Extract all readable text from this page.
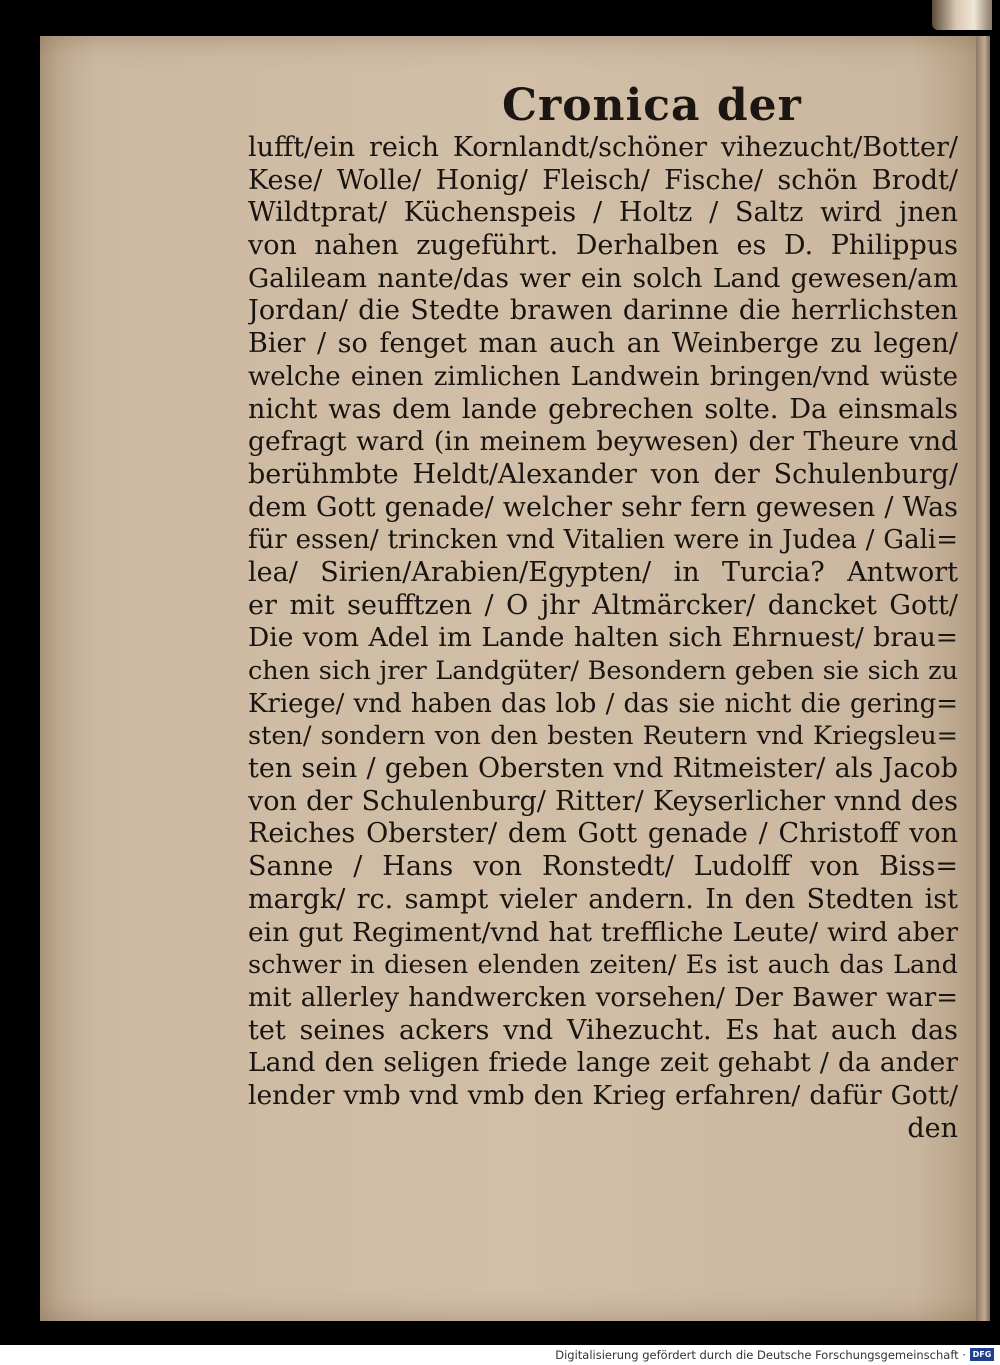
Cronica der
lufft/ein reich Kornlandt/schöner vihezucht/Botter/
Kese/ Wolle/ Honig/ Fleisch/ Fische/ schön Brodt/
Wildtprat/ Küchenspeis / Holtz / Saltz wird jnen
von nahen zugeführt. Derhalben es D. Philippus
Galileam nante/das wer ein solch Land gewesen/am
Jordan/ die Stedte brawen darinne die herrlichsten
Bier / so fenget man auch an Weinberge zu legen/
welche einen zimlichen Landwein bringen/vnd wüste
nicht was dem lande gebrechen solte. Da einsmals
gefragt ward (in meinem beywesen) der Theure vnd
berühmbte Heldt/Alexander von der Schulenburg/
dem Gott genade/ welcher sehr fern gewesen / Was
für essen/ trincken vnd Vitalien were in Judea / Gali=
lea/ Sirien/Arabien/Egypten/ in Turcia? Antwort
er mit seufftzen / O jhr Altmärcker/ dancket Gott/
Die vom Adel im Lande halten sich Ehrnuest/ brau=
chen sich jrer Landgüter/ Besondern geben sie sich zu
Kriege/ vnd haben das lob / das sie nicht die gering=
sten/ sondern von den besten Reutern vnd Kriegsleu=
ten sein / geben Obersten vnd Ritmeister/ als Jacob
von der Schulenburg/ Ritter/ Keyserlicher vnnd des
Reiches Oberster/ dem Gott genade / Christoff von
Sanne / Hans von Ronstedt/ Ludolff von Biss=
margk/ rc. sampt vieler andern. In den Stedten ist
ein gut Regiment/vnd hat treffliche Leute/ wird aber
schwer in diesen elenden zeiten/ Es ist auch das Land
mit allerley handwercken vorsehen/ Der Bawer war=
tet seines ackers vnd Vihezucht. Es hat auch das
Land den seligen friede lange zeit gehabt / da ander
lender vmb vnd vmb den Krieg erfahren/ dafür Gott/
den
Digitalisierung gefördert durch die Deutsche Forschungsgemeinschaft · DFG
